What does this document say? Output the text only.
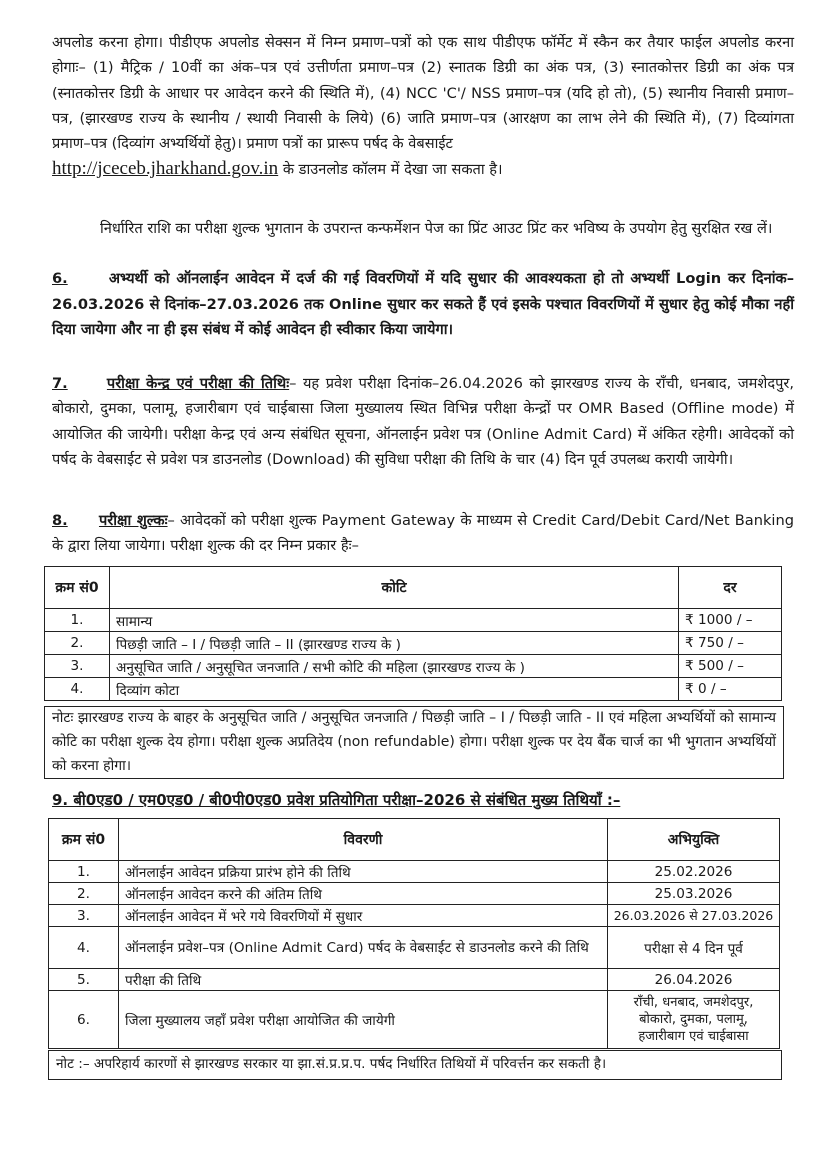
अपलोड करना होगा। पीडीएफ अपलोड सेक्सन में निम्न प्रमाण–पत्रों को एक साथ पीडीएफ फॉर्मेट में स्कैन कर तैयार फाईल अपलोड करना होगाः– (1) मैट्रिक / 10वीं का अंक–पत्र एवं उत्तीर्णता प्रमाण–पत्र (2) स्नातक डिग्री का अंक पत्र, (3) स्नातकोत्तर डिग्री का अंक पत्र (स्नातकोत्तर डिग्री के आधार पर आवेदन करने की स्थिति में), (4) NCC 'C'/ NSS प्रमाण–पत्र (यदि हो तो), (5) स्थानीय निवासी प्रमाण–पत्र, (झारखण्ड राज्य के स्थानीय / स्थायी निवासी के लिये) (6) जाति प्रमाण–पत्र (आरक्षण का लाभ लेने की स्थिति में), (7) दिव्यांगता प्रमाण–पत्र (दिव्यांग अभ्यर्थियों हेतु)। प्रमाण पत्रों का प्रारूप पर्षद के वेबसाईट
http://jceceb.jharkhand.gov.in के डाउनलोड कॉलम में देखा जा सकता है।

निर्धारित राशि का परीक्षा शुल्क भुगतान के उपरान्त कन्फर्मेशन पेज का प्रिंट आउट प्रिंट कर भविष्य के उपयोग हेतु सुरक्षित रख लें।

6.	अभ्यर्थी को ऑनलाईन आवेदन में दर्ज की गई विवरणियों में यदि सुधार की आवश्यकता हो तो अभ्यर्थी Login कर दिनांक–26.03.2026 से दिनांक–27.03.2026 तक Online सुधार कर सकते हैं एवं इसके पश्चात विवरणियों में सुधार हेतु कोई मौका नहीं दिया जायेगा और ना ही इस संबंध में कोई आवेदन ही स्वीकार किया जायेगा।

7.	परीक्षा केन्द्र एवं परीक्षा की तिथिः– यह प्रवेश परीक्षा दिनांक–26.04.2026 को झारखण्ड राज्य के राँची, धनबाद, जमशेदपुर, बोकारो, दुमका, पलामू, हजारीबाग एवं चाईबासा जिला मुख्यालय स्थित विभिन्न परीक्षा केन्द्रों पर OMR Based (Offline mode) में आयोजित की जायेगी। परीक्षा केन्द्र एवं अन्य संबंधित सूचना, ऑनलाईन प्रवेश पत्र (Online Admit Card) में अंकित रहेगी। आवेदकों को पर्षद के वेबसाईट से प्रवेश पत्र डाउनलोड (Download) की सुविधा परीक्षा की तिथि के चार (4) दिन पूर्व उपलब्ध करायी जायेगी।

8. परीक्षा शुल्कः– आवेदकों को परीक्षा शुल्क Payment Gateway के माध्यम से Credit Card/Debit Card/Net Banking के द्वारा लिया जायेगा। परीक्षा शुल्क की दर निम्न प्रकार हैः–

क्रम सं0	कोटि	दर
1.	सामान्य	₹ 1000 / –
2.	पिछड़ी जाति – I / पिछड़ी जाति – II (झारखण्ड राज्य के )	₹ 750 / –
3.	अनुसूचित जाति / अनुसूचित जनजाति / सभी कोटि की महिला (झारखण्ड राज्य के )	₹ 500 / –
4.	दिव्यांग कोटा	₹ 0 / –

नोटः झारखण्ड राज्य के बाहर के अनुसूचित जाति / अनुसूचित जनजाति / पिछड़ी जाति – I / पिछड़ी जाति - II एवं महिला अभ्यर्थियों को सामान्य कोटि का परीक्षा शुल्क देय होगा। परीक्षा शुल्क अप्रतिदेय (non refundable) होगा। परीक्षा शुल्क पर देय बैंक चार्ज का भी भुगतान अभ्यर्थियों को करना होगा।

9. बी0एड0 / एम0एड0 / बी0पी0एड0 प्रवेश प्रतियोगिता परीक्षा–2026 से संबंधित मुख्य तिथियाँ :–

क्रम सं0	विवरणी	अभियुक्ति
1.	ऑनलाईन आवेदन प्रक्रिया प्रारंभ होने की तिथि	25.02.2026
2.	ऑनलाईन आवेदन करने की अंतिम तिथि	25.03.2026
3.	ऑनलाईन आवेदन में भरे गये विवरणियों में सुधार	26.03.2026 से 27.03.2026
4.	ऑनलाईन प्रवेश–पत्र (Online Admit Card) पर्षद के वेबसाईट से डाउनलोड करने की तिथि	परीक्षा से 4 दिन पूर्व
5.	परीक्षा की तिथि	26.04.2026
6.	जिला मुख्यालय जहाँ प्रवेश परीक्षा आयोजित की जायेगी	राँची, धनबाद, जमशेदपुर, बोकारो, दुमका, पलामू, हजारीबाग एवं चाईबासा

नोट :– अपरिहार्य कारणों से झारखण्ड सरकार या झा.सं.प्र.प्र.प. पर्षद निर्धारित तिथियों में परिवर्त्तन कर सकती है।
